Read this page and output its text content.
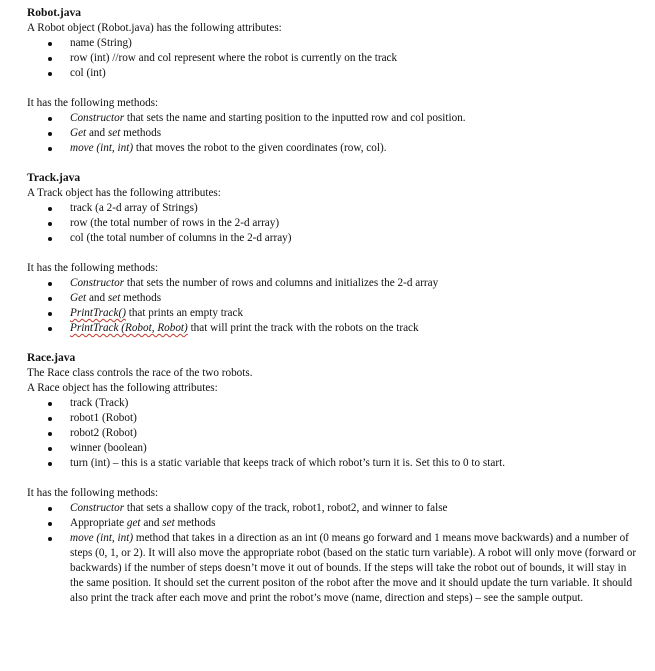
Robot.java

A Robot object (Robot.java) has the following attributes:

name (String)
row (int) //row and col represent where the robot is currently on the track
col (int)

It has the following methods:

Constructor that sets the name and starting position to the inputted row and col position.
Get and set methods
move (int, int) that moves the robot to the given coordinates (row, col).

Track.java

A Track object has the following attributes:

track (a 2-d array of Strings)
row (the total number of rows in the 2-d array)
col (the total number of columns in the 2-d array)

It has the following methods:

Constructor that sets the number of rows and columns and initializes the 2-d array
Get and set methods
PrintTrack() that prints an empty track
PrintTrack (Robot, Robot) that will print the track with the robots on the track

Race.java

The Race class controls the race of the two robots.

A Race object has the following attributes:

track (Track)
robot1 (Robot)
robot2 (Robot)
winner (boolean)
turn (int) – this is a static variable that keeps track of which robot’s turn it is. Set this to 0 to start.

It has the following methods:

Constructor that sets a shallow copy of the track, robot1, robot2, and winner to false
Appropriate get and set methods
move (int, int) method that takes in a direction as an int (0 means go forward and 1 means move backwards) and a number of steps (0, 1, or 2). It will also move the appropriate robot (based on the static turn variable). A robot will only move (forward or backwards) if the number of steps doesn’t move it out of bounds. If the steps will take the robot out of bounds, it will stay in the same position. It should set the current positon of the robot after the move and it should update the turn variable. It should also print the track after each move and print the robot’s move (name, direction and steps) – see the sample output.
